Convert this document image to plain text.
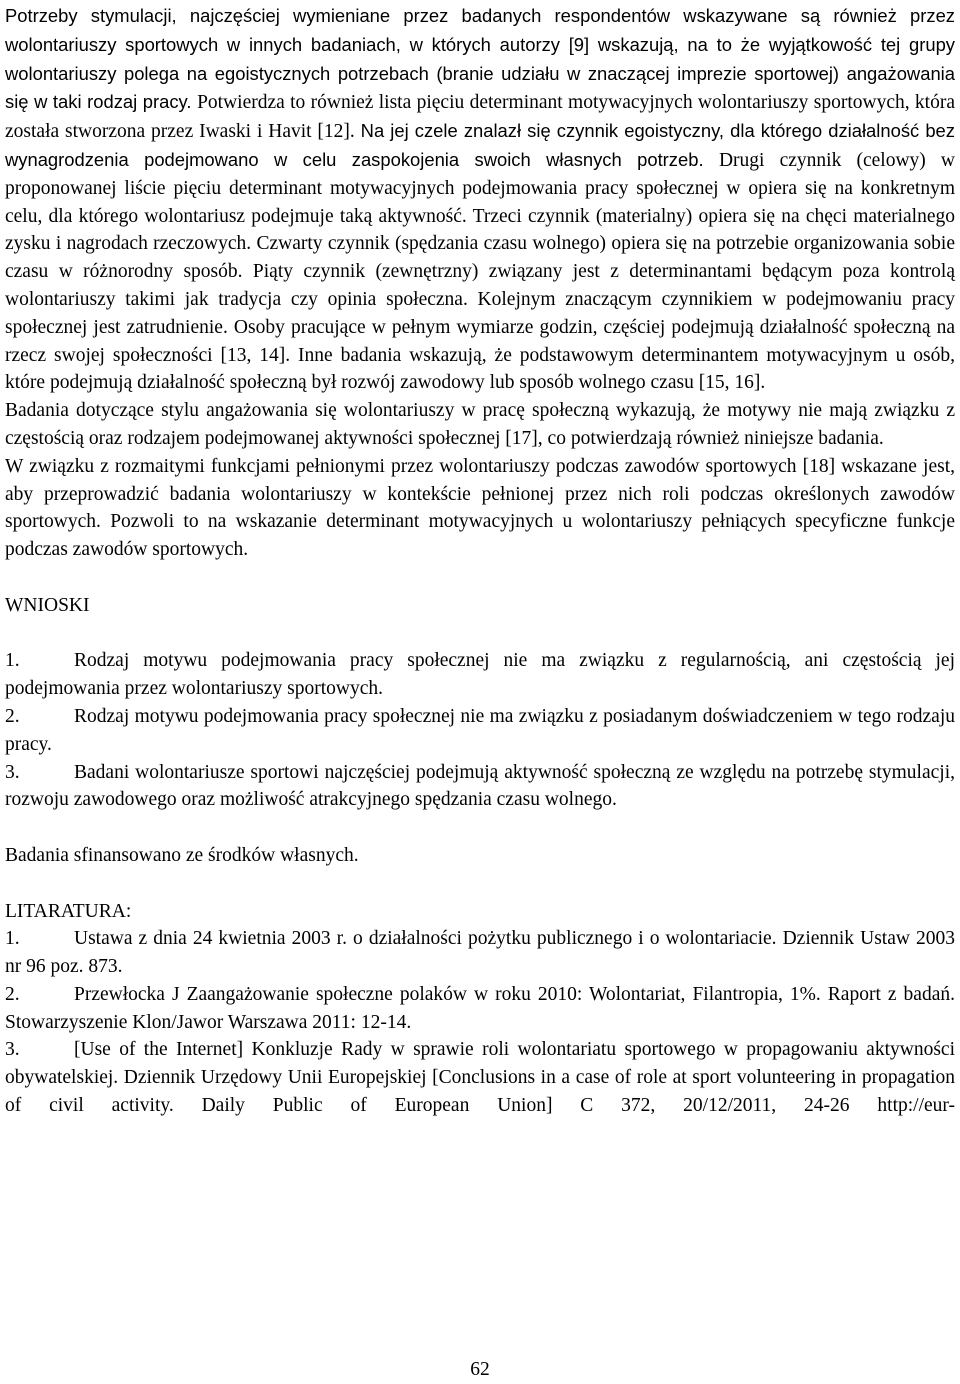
Potrzeby stymulacji, najczęściej wymieniane przez badanych respondentów wskazywane są również przez wolontariuszy sportowych w innych badaniach, w których autorzy [9] wskazują, na to że wyjątkowość tej grupy wolontariuszy polega na egoistycznych potrzebach (branie udziału w znaczącej imprezie sportowej) angażowania się w taki rodzaj pracy. Potwierdza to również lista pięciu determinant motywacyjnych wolontariuszy sportowych, która została stworzona przez Iwaski i Havit [12]. Na jej czele znalazł się czynnik egoistyczny, dla którego działalność bez wynagrodzenia podejmowano w celu zaspokojenia swoich własnych potrzeb. Drugi czynnik (celowy) w proponowanej liście pięciu determinant motywacyjnych podejmowania pracy społecznej w opiera się na konkretnym celu, dla którego wolontariusz podejmuje taką aktywność. Trzeci czynnik (materialny) opiera się na chęci materialnego zysku i nagrodach rzeczowych. Czwarty czynnik (spędzania czasu wolnego) opiera się na potrzebie organizowania sobie czasu w różnorodny sposób. Piąty czynnik (zewnętrzny) związany jest z determinantami będącym poza kontrolą wolontariuszy takimi jak tradycja czy opinia społeczna. Kolejnym znaczącym czynnikiem w podejmowaniu pracy społecznej jest zatrudnienie. Osoby pracujące w pełnym wymiarze godzin, częściej podejmują działalność społeczną na rzecz swojej społeczności [13, 14]. Inne badania wskazują, że podstawowym determinantem motywacyjnym u osób, które podejmują działalność społeczną był rozwój zawodowy lub sposób wolnego czasu [15, 16].
Badania dotyczące stylu angażowania się wolontariuszy w pracę społeczną wykazują, że motywy nie mają związku z częstością oraz rodzajem podejmowanej aktywności społecznej [17], co potwierdzają również niniejsze badania.
W związku z rozmaitymi funkcjami pełnionymi przez wolontariuszy podczas zawodów sportowych [18] wskazane jest, aby przeprowadzić badania wolontariuszy w kontekście pełnionej przez nich roli podczas określonych zawodów sportowych. Pozwoli to na wskazanie determinant motywacyjnych u wolontariuszy pełniących specyficzne funkcje podczas zawodów sportowych.
WNIOSKI
1.	Rodzaj motywu podejmowania pracy społecznej nie ma związku z regularnością, ani częstością jej podejmowania przez wolontariuszy sportowych.
2.	Rodzaj motywu podejmowania pracy społecznej nie ma związku z posiadanym doświadczeniem w tego rodzaju pracy.
3.	Badani wolontariusze sportowi najczęściej podejmują aktywność społeczną ze względu na potrzebę stymulacji, rozwoju zawodowego oraz możliwość atrakcyjnego spędzania czasu wolnego.
Badania sfinansowano ze środków własnych.
LITARATURA:
1.	Ustawa z dnia 24 kwietnia 2003 r. o działalności pożytku publicznego i o wolontariacie. Dziennik Ustaw 2003 nr 96 poz. 873.
2.	Przewłocka J Zaangażowanie społeczne polaków w roku 2010: Wolontariat, Filantropia, 1%. Raport z badań. Stowarzyszenie Klon/Jawor Warszawa 2011: 12-14.
3.	[Use of the Internet] Konkluzje Rady w sprawie roli wolontariatu sportowego w propagowaniu aktywności obywatelskiej. Dziennik Urzędowy Unii Europejskiej [Conclusions in a case of role at sport volunteering in propagation of civil activity. Daily Public of European Union] C 372, 20/12/2011, 24-26 http://eur-
62
